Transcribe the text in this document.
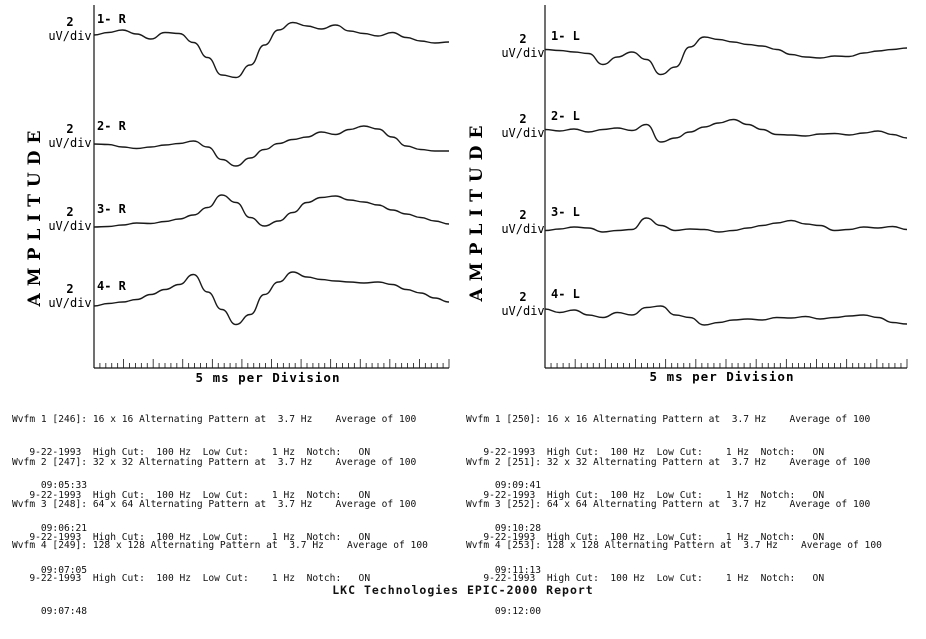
AMPLITUDE
2
uV/div
1- R
2
uV/div
2- R
2
uV/div
3- R
2
uV/div
4- R
5 ms per Division
AMPLITUDE
2
uV/div
1- L
2
uV/div
2- L
2
uV/div
3- L
2
uV/div
4- L
5 ms per Division

Wvfm 1 [246]: 16 x 16 Alternating Pattern at  3.7 Hz    Average of 100

9-22-1993  High Cut:  100 Hz  Low Cut:    1 Hz  Notch:   ON

09:05:33

Wvfm 2 [247]: 32 x 32 Alternating Pattern at  3.7 Hz    Average of 100

9-22-1993  High Cut:  100 Hz  Low Cut:    1 Hz  Notch:   ON

09:06:21

Wvfm 3 [248]: 64 x 64 Alternating Pattern at  3.7 Hz    Average of 100

9-22-1993  High Cut:  100 Hz  Low Cut:    1 Hz  Notch:   ON

09:07:05

Wvfm 4 [249]: 128 x 128 Alternating Pattern at  3.7 Hz    Average of 100

9-22-1993  High Cut:  100 Hz  Low Cut:    1 Hz  Notch:   ON

09:07:48

Wvfm 1 [250]: 16 x 16 Alternating Pattern at  3.7 Hz    Average of 100

9-22-1993  High Cut:  100 Hz  Low Cut:    1 Hz  Notch:   ON

09:09:41

Wvfm 2 [251]: 32 x 32 Alternating Pattern at  3.7 Hz    Average of 100

9-22-1993  High Cut:  100 Hz  Low Cut:    1 Hz  Notch:   ON

09:10:28

Wvfm 3 [252]: 64 x 64 Alternating Pattern at  3.7 Hz    Average of 100

9-22-1993  High Cut:  100 Hz  Low Cut:    1 Hz  Notch:   ON

09:11:13

Wvfm 4 [253]: 128 x 128 Alternating Pattern at  3.7 Hz    Average of 100

9-22-1993  High Cut:  100 Hz  Low Cut:    1 Hz  Notch:   ON

09:12:00

LKC Technologies EPIC-2000 Report
